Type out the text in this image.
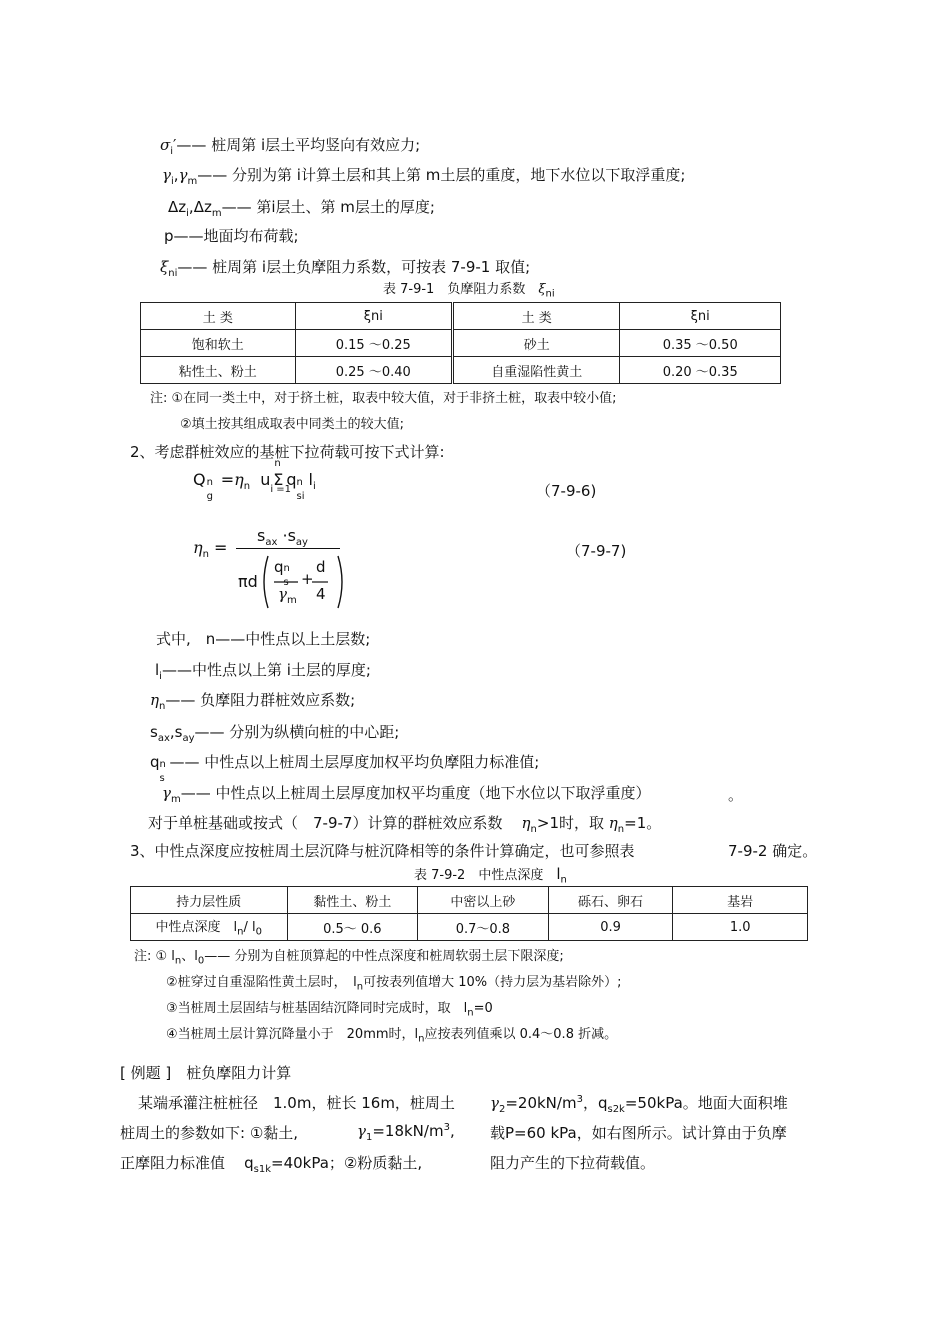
$\sigma_i'——$ 桩周第 i层土平均竖向有效应力;
$\gamma_i,\gamma_m——$ 分别为第 i计算土层和其上第 m土层的重度，地下水位以下取浮重度;
$\Delta z_i,\Delta z_m——$ 第i层土、第 m层土的厚度;
p——地面均布荷载;
$\xi_{ni}——$ 桩周第 i层土负摩阻力系数，可按表 7-9-1 取值;
表 7-9-1　负摩阻力系数　 $\xi_{ni}$
土 类	ξni	土 类	ξni
饱和软土	0.15 ～0.25	砂土	0.35 ～0.50
粘性土、粉土	0.25 ～0.40	自重湿陷性黄土	0.20 ～0.35
注: ①在同一类土中，对于挤土桩，取表中较大值，对于非挤土桩，取表中较小值;
②填土按其组成取表中同类土的较大值;
2、考虑群桩效应的基桩下拉荷载可按下式计算:
Q n
g
$=\eta_n$ u
n
Σ
i =1
q n
si
$l_i$	（7-9-6)
$\eta_n$ =
$s_{ax} \cdot s_{ay}$
πd
q n
s
$\gamma_m$
+
d
4
（7-9-7)
式中,　n——中性点以上土层数;
$l_i——$中性点以上第 i土层的厚度;
$\eta_n——$ 负摩阻力群桩效应系数;
$s_{ax},s_{ay}——$ 分别为纵横向桩的中心距;
q n
s
—— 中性点以上桩周土层厚度加权平均负摩阻力标准值;
$\gamma_m——$ 中性点以上桩周土层厚度加权平均重度（地下水位以下取浮重度）	。
对于单桩基础或按式（　7-9-7）计算的群桩效应系数 $\eta_n>1$时，取 $\eta_n=1$。
3、中性点深度应按桩周土层沉降与桩沉降相等的条件计算确定，也可参照表	7-9-2 确定。
表 7-9-2　中性点深度　 $l_n$
持力层性质	黏性土、粉土	中密以上砂	砾石、卵石	基岩
中性点深度　$l_n/$ $l_0$	0.5～ 0.6	0.7～0.8	0.9	1.0
注: ① $l_n$、$l_0——$ 分别为自桩顶算起的中性点深度和桩周软弱土层下限深度;
②桩穿过自重湿陷性黄土层时，　$l_n$可按表列值增大 10%（持力层为基岩除外）;
③当桩周土层固结与桩基固结沉降同时完成时，取　$l_n=0$
④当桩周土层计算沉降量小于　20mm时，$l_n$应按表列值乘以 0.4～0.8 折减。
[ 例题 ]　桩负摩阻力计算
某端承灌注桩桩径　1.0m，桩长 16m，桩周土 $\gamma_2=20kN/m^3$，$q_{s2k}=50kPa$。地面大面积堆
桩周土的参数如下: ①黏土,	$\gamma_1=18kN/m^3$, 载P=60 kPa，如右图所示。试计算由于负摩
正摩阻力标准值 $q_{s1k}=40kPa$；②粉质黏土,	阻力产生的下拉荷载值。
